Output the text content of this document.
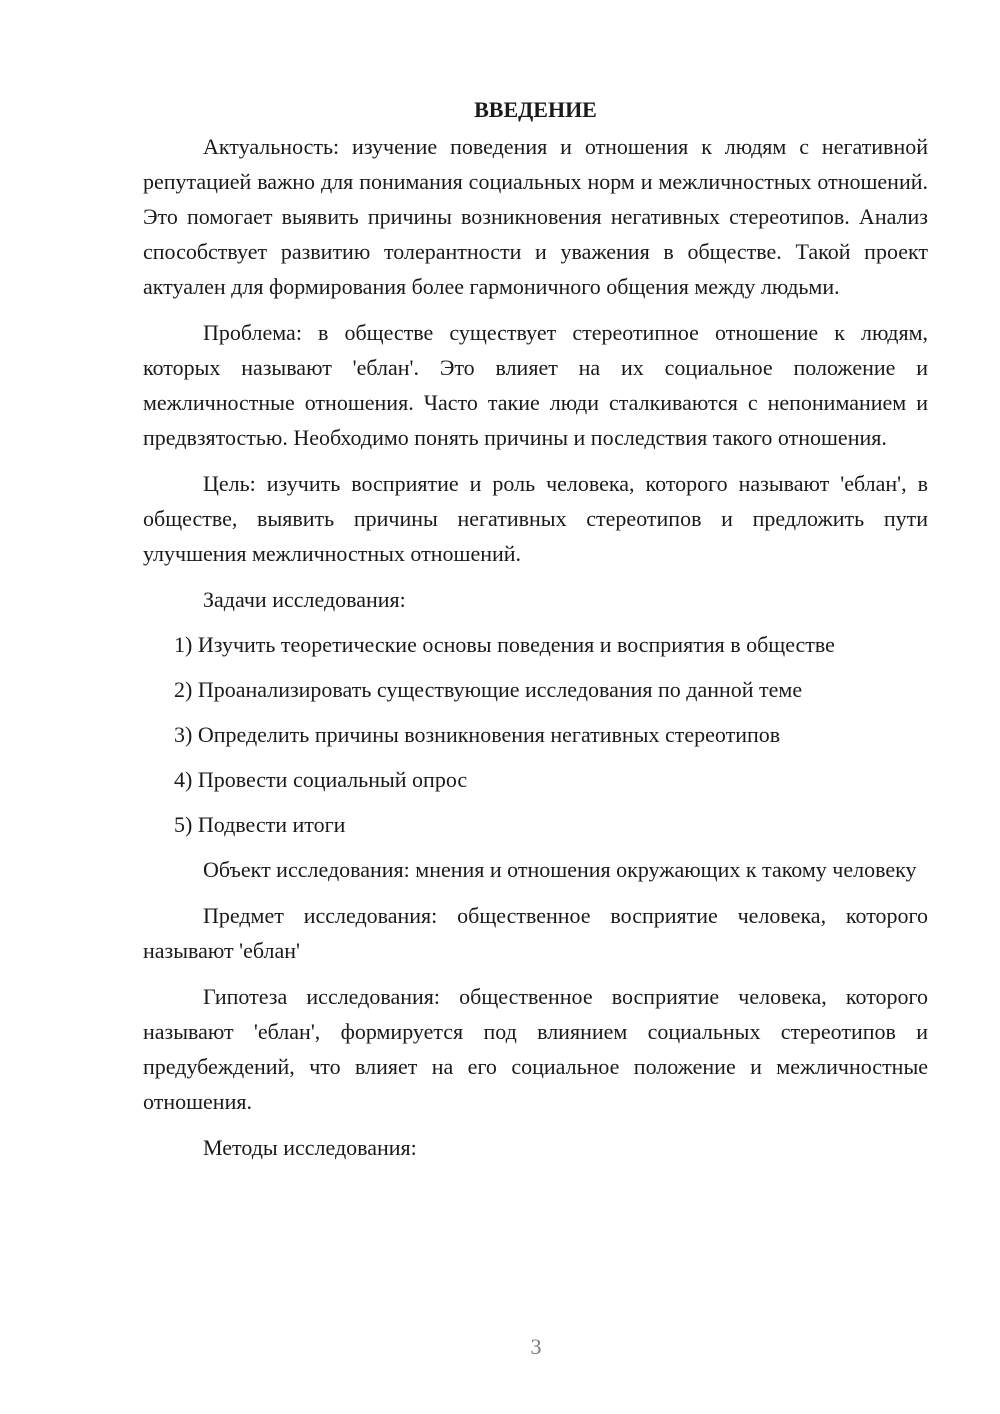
ВВЕДЕНИЕ

Актуальность: изучение поведения и отношения к людям с негативной репутацией важно для понимания социальных норм и межличностных отношений. Это помогает выявить причины возникновения негативных стереотипов. Анализ способствует развитию толерантности и уважения в обществе. Такой проект актуален для формирования более гармоничного общения между людьми.

Проблема: в обществе существует стереотипное отношение к людям, которых называют 'еблан'. Это влияет на их социальное положение и межличностные отношения. Часто такие люди сталкиваются с непониманием и предвзятостью. Необходимо понять причины и последствия такого отношения.

Цель: изучить восприятие и роль человека, которого называют 'еблан', в обществе, выявить причины негативных стереотипов и предложить пути улучшения межличностных отношений.

Задачи исследования:

1) Изучить теоретические основы поведения и восприятия в обществе
2) Проанализировать существующие исследования по данной теме
3) Определить причины возникновения негативных стереотипов
4) Провести социальный опрос
5) Подвести итоги

Объект исследования: мнения и отношения окружающих к такому человеку

Предмет исследования: общественное восприятие человека, которого называют 'еблан'

Гипотеза исследования: общественное восприятие человека, которого называют 'еблан', формируется под влиянием социальных стереотипов и предубеждений, что влияет на его социальное положение и межличностные отношения.

Методы исследования:

3
